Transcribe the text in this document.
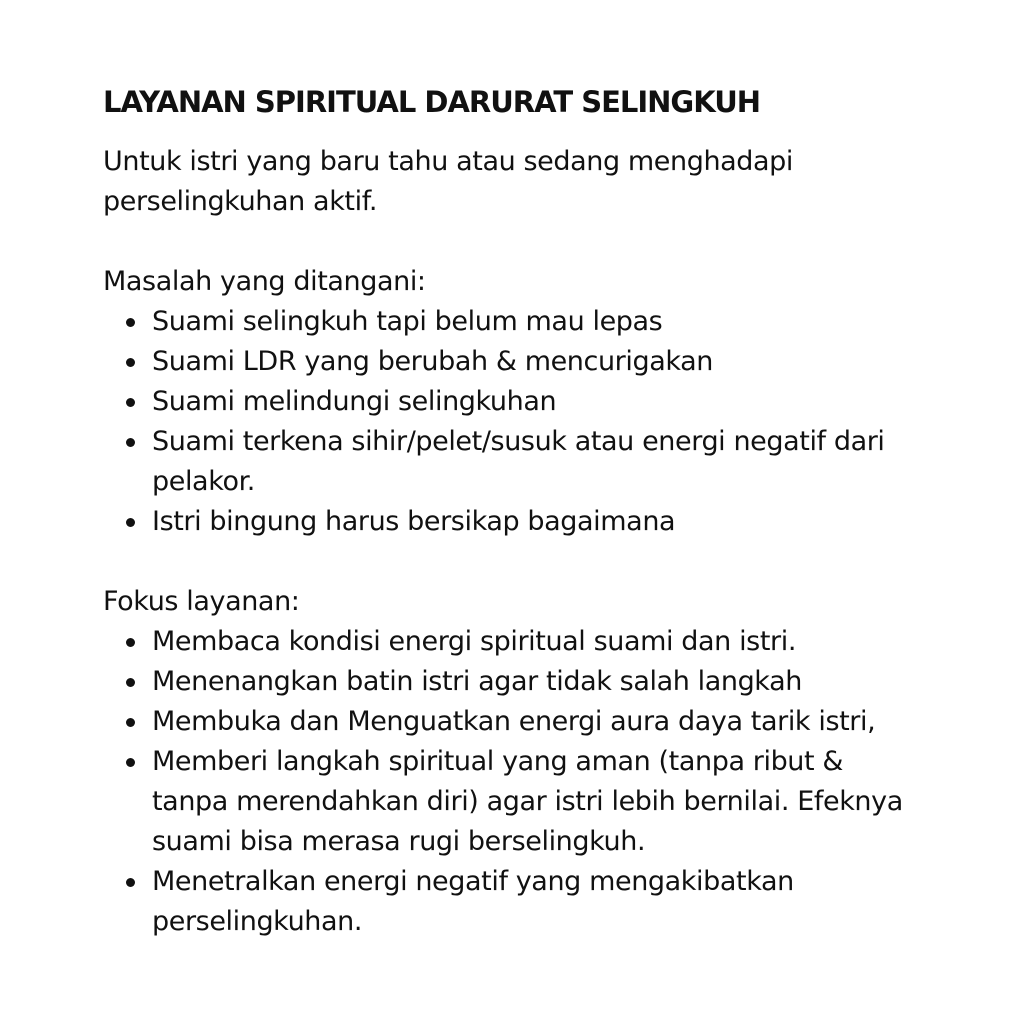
LAYANAN SPIRITUAL DARURAT SELINGKUH

Untuk istri yang baru tahu atau sedang menghadapi perselingkuhan aktif.

Masalah yang ditangani:
Suami selingkuh tapi belum mau lepas
Suami LDR yang berubah & mencurigakan
Suami melindungi selingkuhan
Suami terkena sihir/pelet/susuk atau energi negatif dari pelakor.
Istri bingung harus bersikap bagaimana
Fokus layanan:
Membaca kondisi energi spiritual suami dan istri.
Menenangkan batin istri agar tidak salah langkah
Membuka dan Menguatkan energi aura daya tarik istri,
Memberi langkah spiritual yang aman (tanpa ribut & tanpa merendahkan diri) agar istri lebih bernilai. Efeknya suami bisa merasa rugi berselingkuh.
Menetralkan energi negatif yang mengakibatkan perselingkuhan.
